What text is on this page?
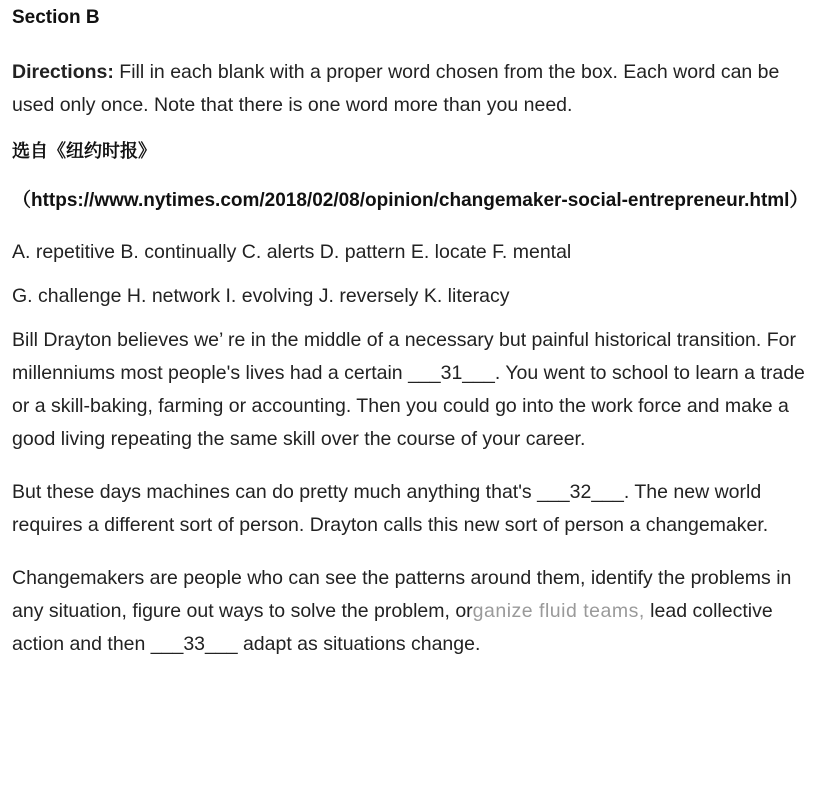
Section B
Directions: Fill in each blank with a proper word chosen from the box. Each word can be used only once. Note that there is one word more than you need.
选自《纽约时报》
（https://www.nytimes.com/2018/02/08/opinion/changemaker-social-entrepreneur.html）
A. repetitive B. continually C. alerts D. pattern E. locate F. mental
G. challenge H. network I. evolving J. reversely K. literacy
Bill Drayton believes we’ re in the middle of a necessary but painful historical transition. For millenniums most people's lives had a certain ___31___. You went to school to learn a trade or a skill-baking, farming or accounting. Then you could go into the work force and make a good living repeating the same skill over the course of your career.
But these days machines can do pretty much anything that's ___32___. The new world requires a different sort of person. Drayton calls this new sort of person a changemaker.
Changemakers are people who can see the patterns around them, identify the problems in any situation, figure out ways to solve the problem, organize fluid teams, lead collective action and then ___33___ adapt as situations change.
